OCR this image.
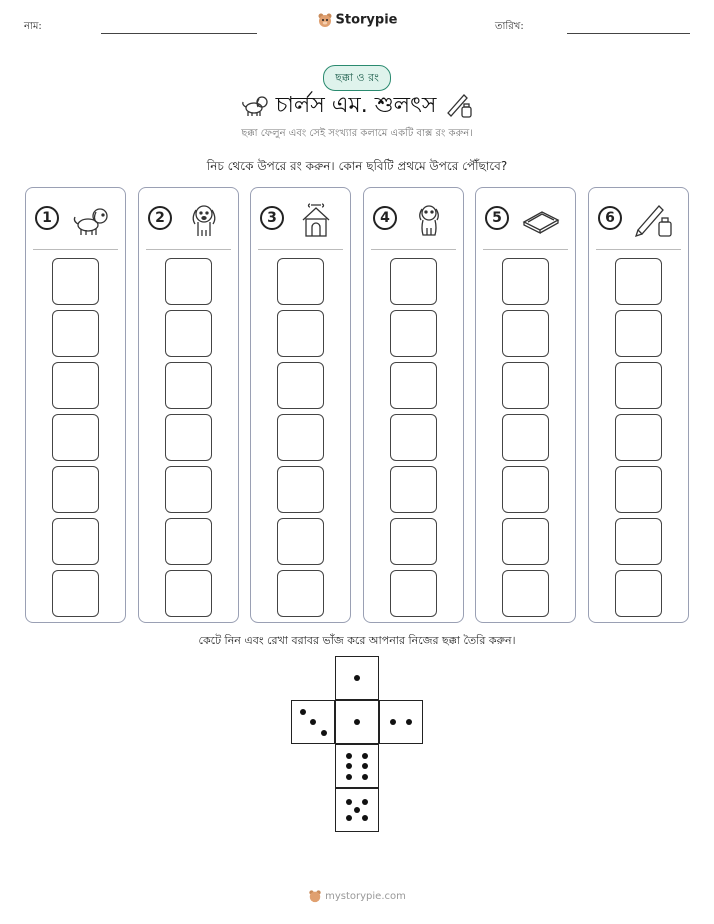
নাম:	Storypie	তারিখ:
ছক্কা ও রং
চার্লস এম. শুলৎস
ছক্কা ফেলুন এবং সেই সংখ্যার কলামে একটি বাক্স রং করুন।
নিচ থেকে উপরে রং করুন। কোন ছবিটি প্রথমে উপরে পৌঁছাবে?
1	2	3	4	5	6
কেটে নিন এবং রেখা বরাবর ভাঁজ করে আপনার নিজের ছক্কা তৈরি করুন।
mystorypie.com
